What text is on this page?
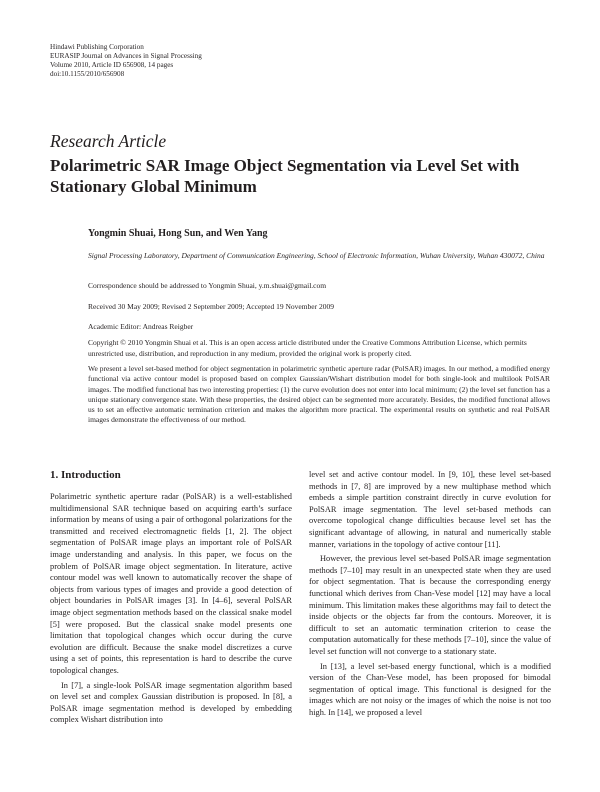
Hindawi Publishing Corporation
EURASIP Journal on Advances in Signal Processing
Volume 2010, Article ID 656908, 14 pages
doi:10.1155/2010/656908
Research Article
Polarimetric SAR Image Object Segmentation via Level Set with Stationary Global Minimum
Yongmin Shuai, Hong Sun, and Wen Yang
Signal Processing Laboratory, Department of Communication Engineering, School of Electronic Information, Wuhan University, Wuhan 430072, China
Correspondence should be addressed to Yongmin Shuai, y.m.shuai@gmail.com
Received 30 May 2009; Revised 2 September 2009; Accepted 19 November 2009
Academic Editor: Andreas Reigber
Copyright © 2010 Yongmin Shuai et al. This is an open access article distributed under the Creative Commons Attribution License, which permits unrestricted use, distribution, and reproduction in any medium, provided the original work is properly cited.
We present a level set-based method for object segmentation in polarimetric synthetic aperture radar (PolSAR) images. In our method, a modified energy functional via active contour model is proposed based on complex Gaussian/Wishart distribution model for both single-look and multilook PolSAR images. The modified functional has two interesting properties: (1) the curve evolution does not enter into local minimum; (2) the level set function has a unique stationary convergence state. With these properties, the desired object can be segmented more accurately. Besides, the modified functional allows us to set an effective automatic termination criterion and makes the algorithm more practical. The experimental results on synthetic and real PolSAR images demonstrate the effectiveness of our method.
1. Introduction

Polarimetric synthetic aperture radar (PolSAR) is a well-established multidimensional SAR technique based on acquiring earth’s surface information by means of using a pair of orthogonal polarizations for the transmitted and received electromagnetic fields [1, 2]. The object segmentation of PolSAR image plays an important role of PolSAR image understanding and analysis. In this paper, we focus on the problem of PolSAR image object segmentation. In literature, active contour model was well known to automatically recover the shape of objects from various types of images and provide a good detection of object boundaries in PolSAR images [3]. In [4–6], several PolSAR image object segmentation methods based on the classical snake model [5] were proposed. But the classical snake model presents one limitation that topological changes which occur during the curve evolution are difficult. Because the snake model discretizes a curve using a set of points, this representation is hard to describe the curve topological changes.

In [7], a single-look PolSAR image segmentation algorithm based on level set and complex Gaussian distribution is proposed. In [8], a PolSAR image segmentation method is developed by embedding complex Wishart distribution into

level set and active contour model. In [9, 10], these level set-based methods in [7, 8] are improved by a new multiphase method which embeds a simple partition constraint directly in curve evolution for PolSAR image segmentation. The level set-based methods can overcome topological change difficulties because level set has the significant advantage of allowing, in natural and numerically stable manner, variations in the topology of active contour [11].

However, the previous level set-based PolSAR image segmentation methods [7–10] may result in an unexpected state when they are used for object segmentation. That is because the corresponding energy functional which derives from Chan-Vese model [12] may have a local minimum. This limitation makes these algorithms may fail to detect the inside objects or the objects far from the contours. Moreover, it is difficult to set an automatic termination criterion to cease the computation automatically for these methods [7–10], since the value of level set function will not converge to a stationary state.

In [13], a level set-based energy functional, which is a modified version of the Chan-Vese model, has been proposed for bimodal segmentation of optical image. This functional is designed for the images which are not noisy or the images of which the noise is not too high. In [14], we proposed a level
